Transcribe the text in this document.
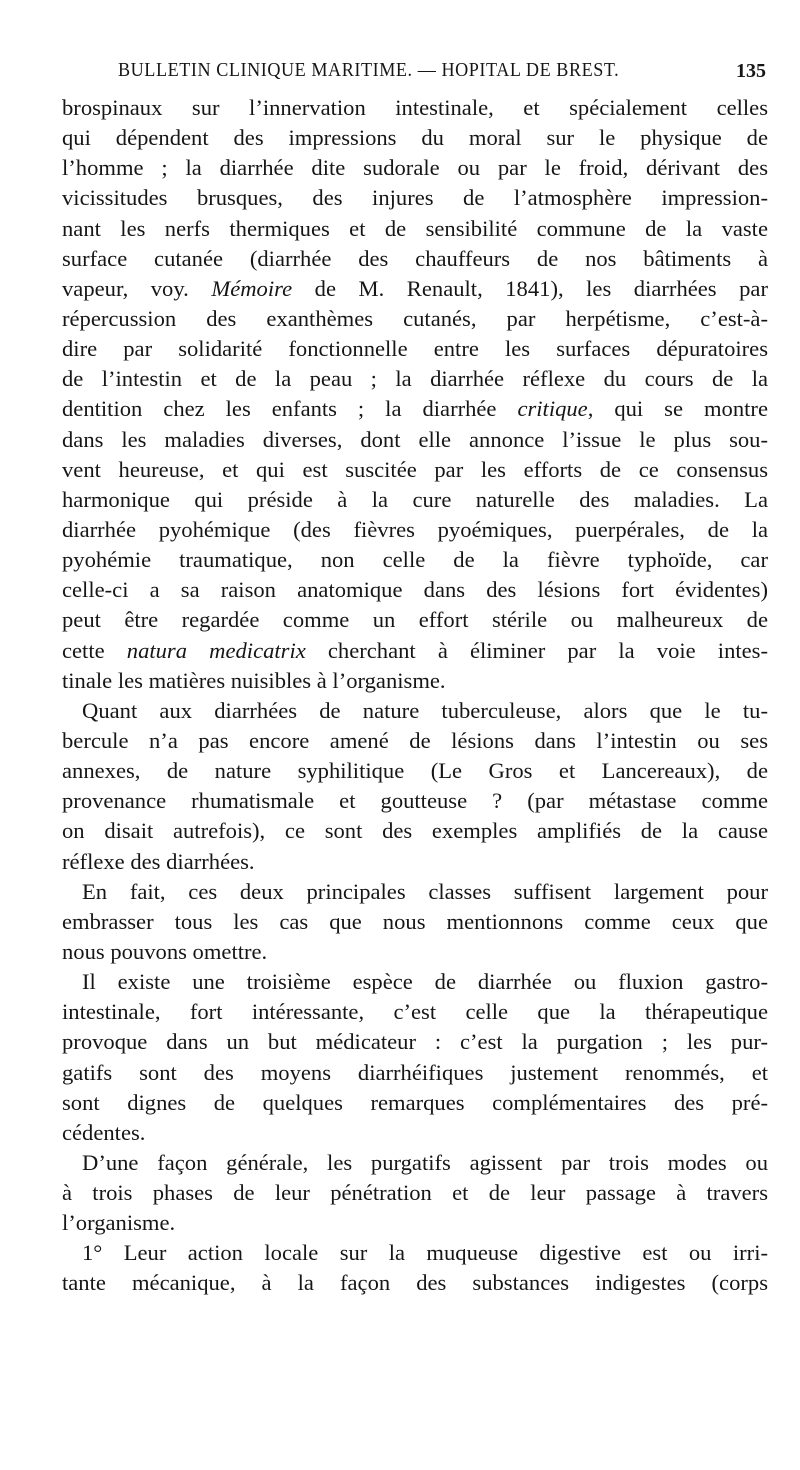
BULLETIN CLINIQUE MARITIME. — HOPITAL DE BREST.	135
brospinaux sur l’innervation intestinale, et spécialement celles
qui dépendent des impressions du moral sur le physique de
l’homme ; la diarrhée dite sudorale ou par le froid, dérivant des
vicissitudes brusques, des injures de l’atmosphère impression-
nant les nerfs thermiques et de sensibilité commune de la vaste
surface cutanée (diarrhée des chauffeurs de nos bâtiments à
vapeur, voy. Mémoire de M. Renault, 1841), les diarrhées par
répercussion des exanthèmes cutanés, par herpétisme, c’est-à-
dire par solidarité fonctionnelle entre les surfaces dépuratoires
de l’intestin et de la peau ; la diarrhée réflexe du cours de la
dentition chez les enfants ; la diarrhée critique, qui se montre
dans les maladies diverses, dont elle annonce l’issue le plus sou-
vent heureuse, et qui est suscitée par les efforts de ce consensus
harmonique qui préside à la cure naturelle des maladies. La
diarrhée pyohémique (des fièvres pyoémiques, puerpérales, de la
pyohémie traumatique, non celle de la fièvre typhoïde, car
celle-ci a sa raison anatomique dans des lésions fort évidentes)
peut être regardée comme un effort stérile ou malheureux de
cette natura medicatrix cherchant à éliminer par la voie intes-
tinale les matières nuisibles à l’organisme.
Quant aux diarrhées de nature tuberculeuse, alors que le tu-
bercule n’a pas encore amené de lésions dans l’intestin ou ses
annexes, de nature syphilitique (Le Gros et Lancereaux), de
provenance rhumatismale et goutteuse ? (par métastase comme
on disait autrefois), ce sont des exemples amplifiés de la cause
réflexe des diarrhées.
En fait, ces deux principales classes suffisent largement pour
embrasser tous les cas que nous mentionnons comme ceux que
nous pouvons omettre.
Il existe une troisième espèce de diarrhée ou fluxion gastro-
intestinale, fort intéressante, c’est celle que la thérapeutique
provoque dans un but médicateur : c’est la purgation ; les pur-
gatifs sont des moyens diarrhéifiques justement renommés, et
sont dignes de quelques remarques complémentaires des pré-
cédentes.
D’une façon générale, les purgatifs agissent par trois modes ou
à trois phases de leur pénétration et de leur passage à travers
l’organisme.
1° Leur action locale sur la muqueuse digestive est ou irri-
tante mécanique, à la façon des substances indigestes (corps
